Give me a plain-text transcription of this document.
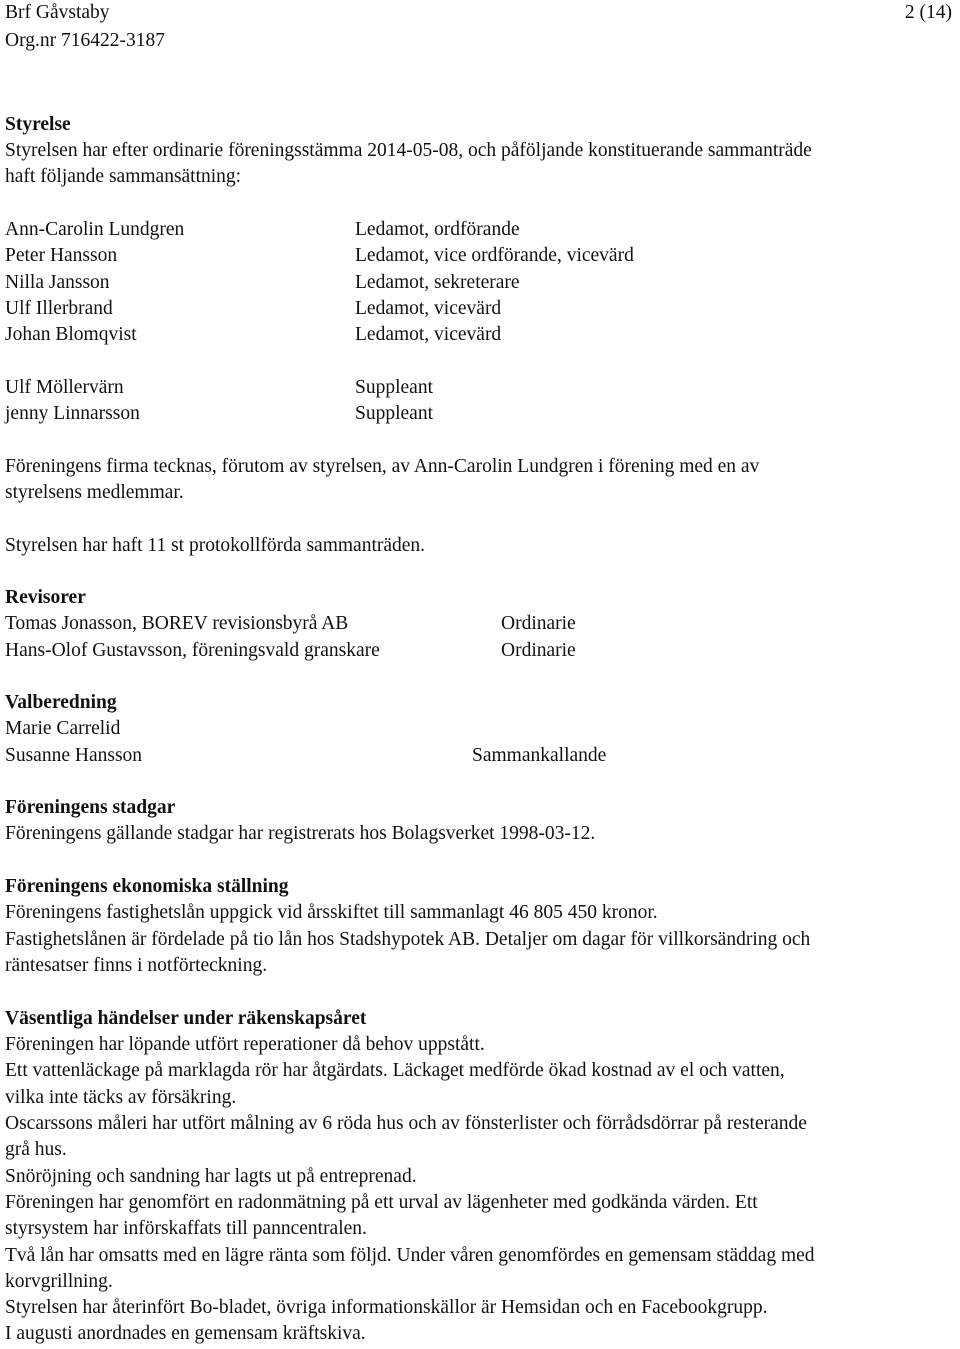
Brf Gåvstaby	2 (14)
Org.nr 716422-3187
Styrelse
Styrelsen har efter ordinarie föreningsstämma 2014-05-08, och påföljande konstituerande sammanträde
haft följande sammansättning:
Ann-Carolin Lundgren	Ledamot, ordförande
Peter Hansson	Ledamot, vice ordförande, vicevärd
Nilla Jansson	Ledamot, sekreterare
Ulf Illerbrand	Ledamot, vicevärd
Johan Blomqvist	Ledamot, vicevärd
Ulf Möllervärn	Suppleant
jenny Linnarsson	Suppleant
Föreningens firma tecknas, förutom av styrelsen, av Ann-Carolin Lundgren i förening med en av
styrelsens medlemmar.
Styrelsen har haft 11 st protokollförda sammanträden.
Revisorer
Tomas Jonasson, BOREV revisionsbyrå AB	Ordinarie
Hans-Olof Gustavsson, föreningsvald granskare	Ordinarie
Valberedning
Marie Carrelid
Susanne Hansson	Sammankallande
Föreningens stadgar
Föreningens gällande stadgar har registrerats hos Bolagsverket 1998-03-12.
Föreningens ekonomiska ställning
Föreningens fastighetslån uppgick vid årsskiftet till sammanlagt 46 805 450 kronor.
Fastighetslånen är fördelade på tio lån hos Stadshypotek AB. Detaljer om dagar för villkorsändring och
räntesatser finns i notförteckning.
Väsentliga händelser under räkenskapsåret
Föreningen har löpande utfört reperationer då behov uppstått.
Ett vattenläckage på marklagda rör har åtgärdats. Läckaget medförde ökad kostnad av el och vatten,
vilka inte täcks av försäkring.
Oscarssons måleri har utfört målning av 6 röda hus och av fönsterlister och förrådsdörrar på resterande
grå hus.
Snöröjning och sandning har lagts ut på entreprenad.
Föreningen har genomfört en radonmätning på ett urval av lägenheter med godkända värden. Ett
styrsystem har införskaffats till panncentralen.
Två lån har omsatts med en lägre ränta som följd. Under våren genomfördes en gemensam städdag med
korvgrillning.
Styrelsen har återinfört Bo-bladet, övriga informationskällor är Hemsidan och en Facebookgrupp.
I augusti anordnades en gemensam kräftskiva.
